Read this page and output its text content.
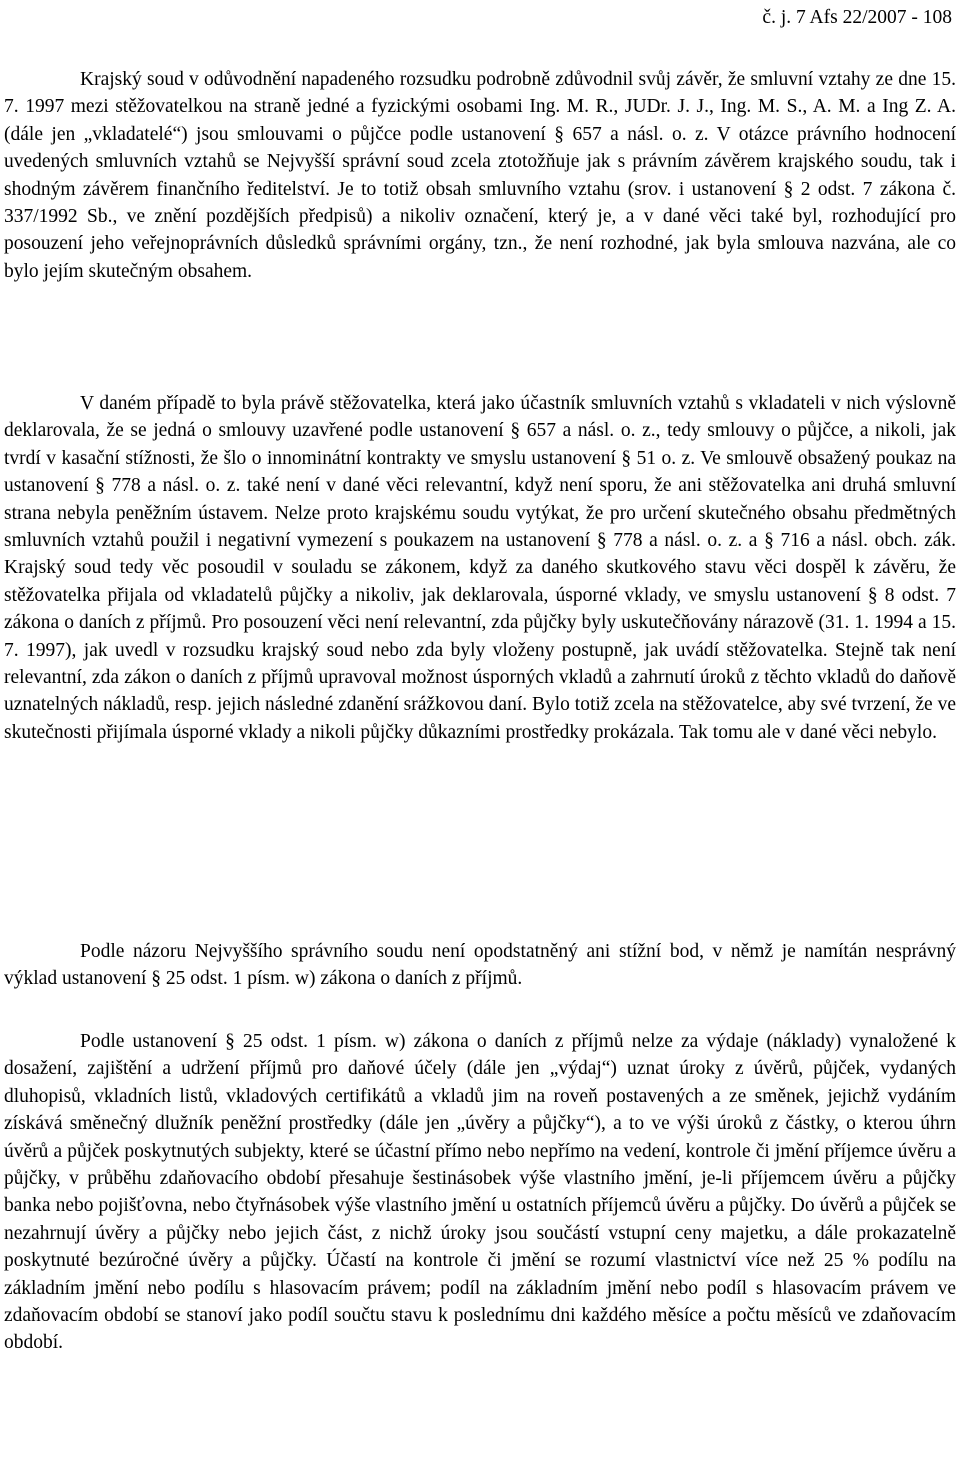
č. j. 7 Afs 22/2007 - 108

Krajský soud v odůvodnění napadeného rozsudku podrobně zdůvodnil svůj závěr, že smluvní vztahy ze dne 15. 7. 1997 mezi stěžovatelkou na straně jedné a fyzickými osobami Ing. M. R., JUDr. J. J., Ing. M. S., A. M. a Ing Z. A. (dále jen „vkladatelé“) jsou smlouvami o půjčce podle ustanovení § 657 a násl. o. z. V otázce právního hodnocení uvedených smluvních vztahů se Nejvyšší správní soud zcela ztotožňuje jak s právním závěrem krajského soudu, tak i shodným závěrem finančního ředitelství. Je to totiž obsah smluvního vztahu (srov. i ustanovení § 2 odst. 7 zákona č. 337/1992 Sb., ve znění pozdějších předpisů) a nikoliv označení, který je, a v dané věci také byl, rozhodující pro posouzení jeho veřejnoprávních důsledků správními orgány, tzn., že není rozhodné, jak byla smlouva nazvána, ale co bylo jejím skutečným obsahem.

V daném případě to byla právě stěžovatelka, která jako účastník smluvních vztahů s vkladateli v nich výslovně deklarovala, že se jedná o smlouvy uzavřené podle ustanovení § 657 a násl. o. z., tedy smlouvy o půjčce, a nikoli, jak tvrdí v kasační stížnosti, že šlo o innominátní kontrakty ve smyslu ustanovení § 51 o. z. Ve smlouvě obsažený poukaz na ustanovení § 778 a násl. o. z. také není v dané věci relevantní, když není sporu, že ani stěžovatelka ani druhá smluvní strana nebyla peněžním ústavem. Nelze proto krajskému soudu vytýkat, že pro určení skutečného obsahu předmětných smluvních vztahů použil i negativní vymezení s poukazem na ustanovení § 778 a násl. o. z. a § 716 a násl. obch. zák. Krajský soud tedy věc posoudil v souladu se zákonem, když za daného skutkového stavu věci dospěl k závěru, že stěžovatelka přijala od vkladatelů půjčky a nikoliv, jak deklarovala, úsporné vklady, ve smyslu ustanovení § 8 odst. 7 zákona o daních z příjmů. Pro posouzení věci není relevantní, zda půjčky byly uskutečňovány nárazově (31. 1. 1994 a 15. 7. 1997), jak uvedl v rozsudku krajský soud nebo zda byly vloženy postupně, jak uvádí stěžovatelka. Stejně tak není relevantní, zda zákon o daních z příjmů upravoval možnost úsporných vkladů a zahrnutí úroků z těchto vkladů do daňově uznatelných nákladů, resp. jejich následné zdanění srážkovou daní. Bylo totiž zcela na stěžovatelce, aby své tvrzení, že ve skutečnosti přijímala úsporné vklady a nikoli půjčky důkazními prostředky prokázala. Tak tomu ale v dané věci nebylo.

Podle názoru Nejvyššího správního soudu není opodstatněný ani stížní bod, v němž je namítán nesprávný výklad ustanovení § 25 odst. 1 písm. w) zákona o daních z příjmů.

Podle ustanovení § 25 odst. 1 písm. w) zákona o daních z příjmů nelze za výdaje (náklady) vynaložené k dosažení, zajištění a udržení příjmů pro daňové účely (dále jen „výdaj“) uznat úroky z úvěrů, půjček, vydaných dluhopisů, vkladních listů, vkladových certifikátů a vkladů jim na roveň postavených a ze směnek, jejichž vydáním získává směnečný dlužník peněžní prostředky (dále jen „úvěry a půjčky“), a to ve výši úroků z částky, o kterou úhrn úvěrů a půjček poskytnutých subjekty, které se účastní přímo nebo nepřímo na vedení, kontrole či jmění příjemce úvěru a půjčky, v průběhu zdaňovacího období přesahuje šestinásobek výše vlastního jmění, je-li příjemcem úvěru a půjčky banka nebo pojišťovna, nebo čtyřnásobek výše vlastního jmění u ostatních příjemců úvěru a půjčky. Do úvěrů a půjček se nezahrnují úvěry a půjčky nebo jejich část, z nichž úroky jsou součástí vstupní ceny majetku, a dále prokazatelně poskytnuté bezúročné úvěry a půjčky. Účastí na kontrole či jmění se rozumí vlastnictví více než 25 % podílu na základním jmění nebo podílu s hlasovacím právem; podíl na základním jmění nebo podíl s hlasovacím právem ve zdaňovacím období se stanoví jako podíl součtu stavu k poslednímu dni každého měsíce a počtu měsíců ve zdaňovacím období.
